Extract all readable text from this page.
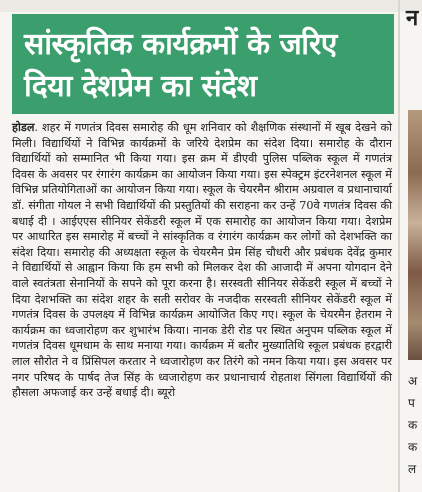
सांस्कृतिक कार्यक्रमों के जरिए
दिया देशप्रेम का संदेश
होडल. शहर में गणतंत्र दिवस समारोह की धूम शनिवार को शैक्षणिक संस्थानों में खूब देखने को मिली। विद्यार्थियों ने विभिन्न कार्यक्रमों के जरिये देशप्रेम का संदेश दिया। समारोह के दौरान विद्यार्थियों को सम्मानित भी किया गया। इस क्रम में डीएवी पुलिस पब्लिक स्कूल में गणतंत्र दिवस के अवसर पर रंगारंग कार्यक्रम का आयोजन किया गया। इस स्पेक्ट्रम इंटरनेशनल स्कूल में विभिन्न प्रतियोगिताओं का आयोजन किया गया। स्कूल के चेयरमैन श्रीराम अग्रवाल व प्रधानाचार्या डॉ. संगीता गोयल ने सभी विद्यार्थियों की प्रस्तुतियों की सराहना कर उन्हें 70वे गणतंत्र दिवस की बधाई दी । आईएएस सीनियर सेकेंडरी स्कूल में एक समारोह का आयोजन किया गया। देशप्रेम पर आधारित इस समारोह में बच्चों ने सांस्कृतिक व रंगारंग कार्यक्रम कर लोगों को देशभक्ति का संदेश दिया। समारोह की अध्यक्षता स्कूल के चेयरमैन प्रेम सिंह चौधरी और प्रबंधक देवेंद्र कुमार ने विद्यार्थियों से आह्वान किया कि हम सभी को मिलकर देश की आजादी में अपना योगदान देने वाले स्वतंत्रता सेनानियों के सपने को पूरा करना है। सरस्वती सीनियर सेकेंडरी स्कूल में बच्चों ने दिया देशभक्ति का संदेश शहर के सती सरोवर के नजदीक सरस्वती सीनियर सेकेंडरी स्कूल में गणतंत्र दिवस के उपलक्ष्य में विभिन्न कार्यक्रम आयोजित किए गए। स्कूल के चेयरमैन हेतराम ने कार्यक्रम का ध्वजारोहण कर शुभारंभ किया। नानक डेरी रोड पर स्थित अनुपम पब्लिक स्कूल में गणतंत्र दिवस धूमधाम के साथ मनाया गया। कार्यक्रम में बतौर मुख्यातिथि स्कूल प्रबंधक हरद्वारी लाल सौरोत ने व प्रिंसिपल करतार ने ध्वजारोहण कर तिरंगे को नमन किया गया। इस अवसर पर नगर परिषद के पार्षद तेज सिंह के ध्वजारोहण कर प्रधानाचार्य रोहताश सिंगला विद्यार्थियों की हौसला अफजाई कर उन्हें बधाई दी। ब्यूरो
न
अ
प
क
क
ल
